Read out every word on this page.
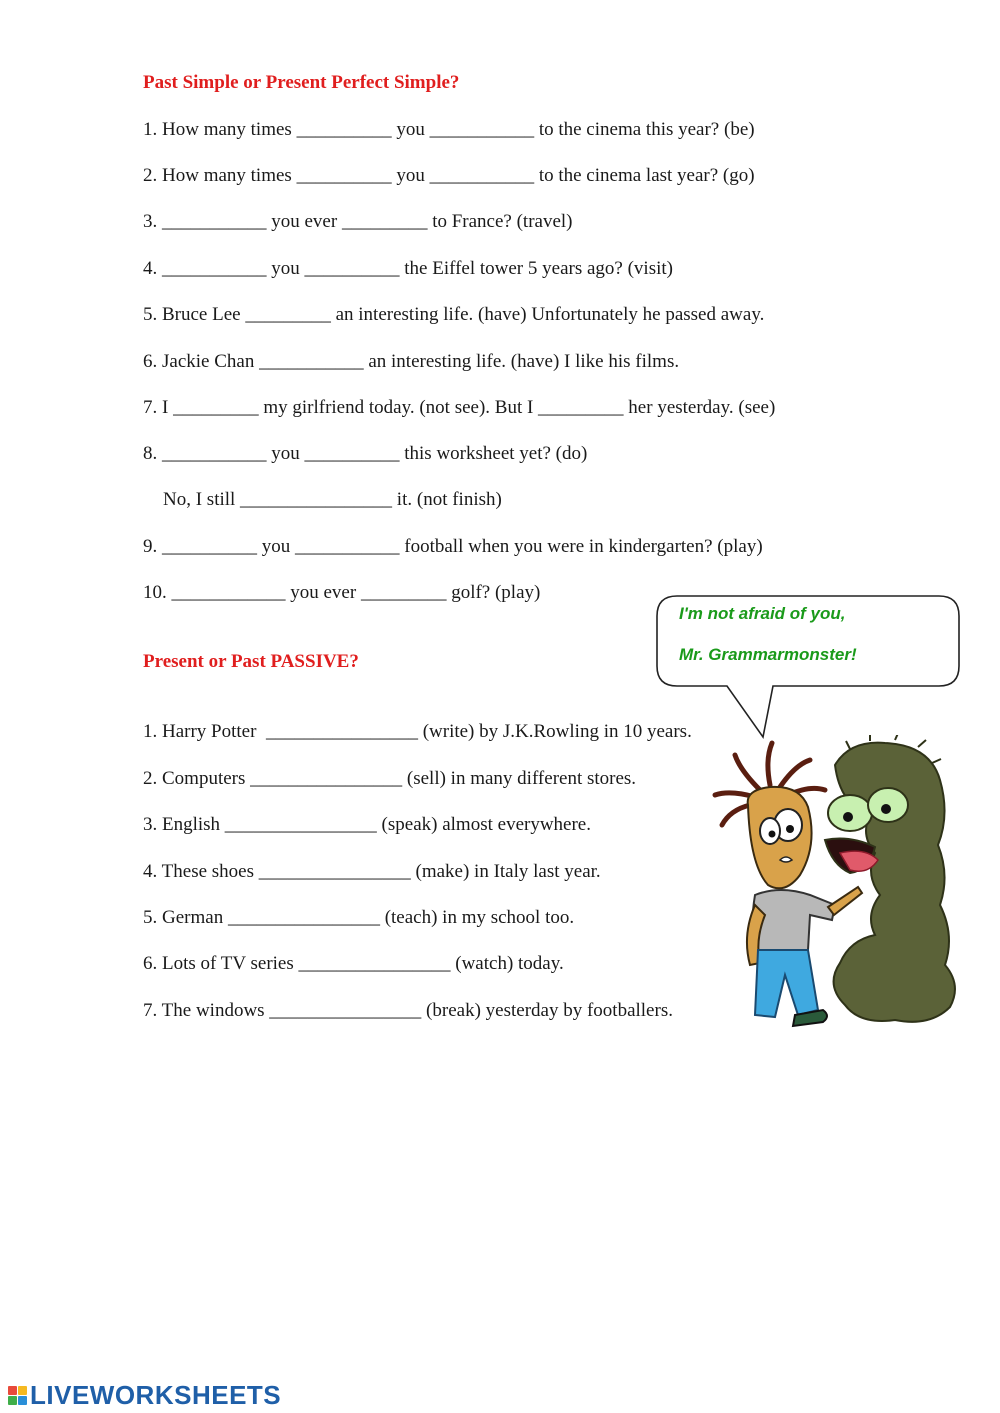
Past Simple or Present Perfect Simple?
1. How many times __________ you ___________ to the cinema this year? (be)
2. How many times __________ you ___________ to the cinema last year? (go)
3. ___________ you ever _________ to France? (travel)
4. ___________ you __________ the Eiffel tower 5 years ago? (visit)
5. Bruce Lee _________ an interesting life. (have) Unfortunately he passed away.
6. Jackie Chan ___________ an interesting life. (have) I like his films.
7. I _________ my girlfriend today. (not see). But I _________ her yesterday. (see)
8. ___________ you __________ this worksheet yet? (do)
No, I still ________________ it. (not finish)
9. __________ you ___________ football when you were in kindergarten? (play)
10. ____________ you ever _________ golf? (play)
Present or Past PASSIVE?
1. Harry Potter  ________________ (write) by J.K.Rowling in 10 years.
2. Computers ________________ (sell) in many different stores.
3. English ________________ (speak) almost everywhere.
4. These shoes ________________ (make) in Italy last year.
5. German ________________ (teach) in my school too.
6. Lots of TV series ________________ (watch) today.
7. The windows ________________ (break) yesterday by footballers.
I'm not afraid of you,
Mr. Grammarmonster!
LIVEWORKSHEETS
